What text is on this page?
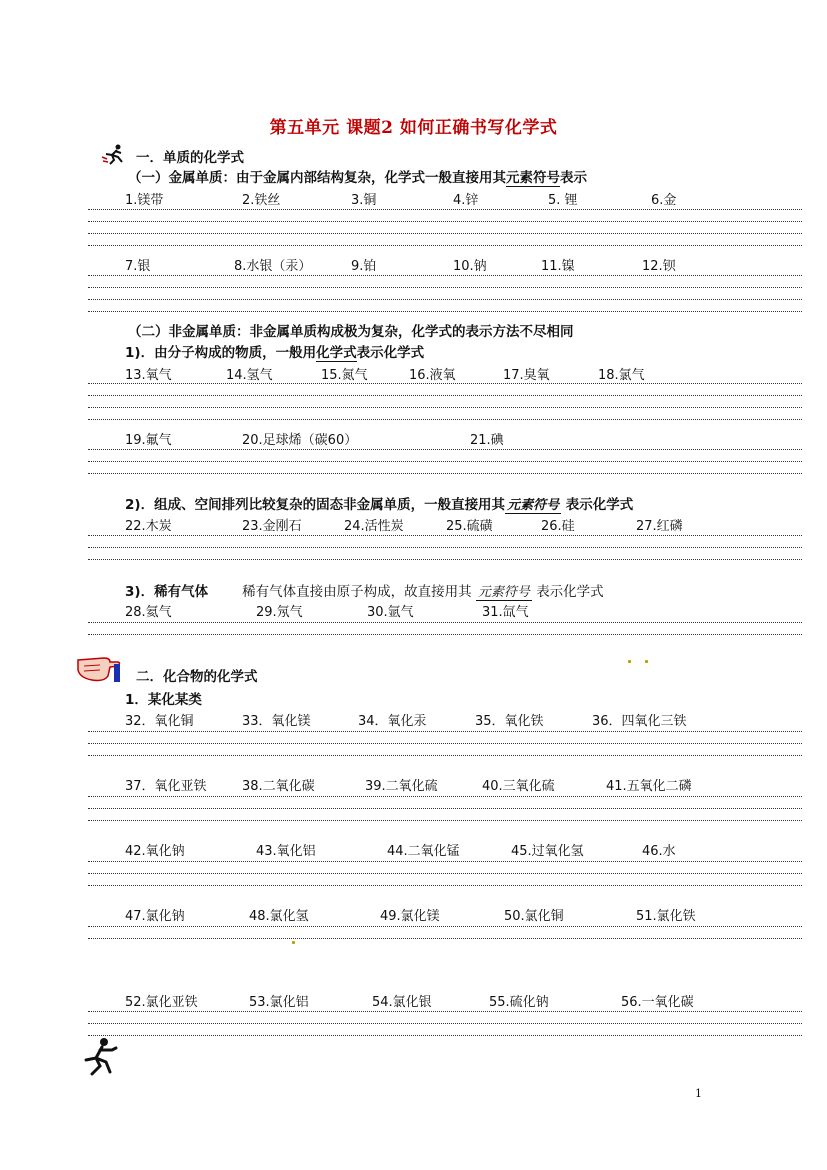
第五单元 课题2 如何正确书写化学式
一．单质的化学式
（一）金属单质：由于金属内部结构复杂，化学式一般直接用其元素符号表示
1.镁带	2.铁丝	3.铜	4.锌	5. 锂	6.金
7.银	8.水银（汞）	9.铂	10.钠	11.镍	12.钡
（二）非金属单质：非金属单质构成极为复杂，化学式的表示方法不尽相同
1)．由分子构成的物质，一般用化学式表示化学式
13.氧气	14.氢气	15.氮气	16.液氧	17.臭氧	18.氯气
19.氟气	20.足球烯（碳60）	21.碘
2)．组成、空间排列比较复杂的固态非金属单质，一般直接用其 元素符号 表示化学式
22.木炭	23.金刚石	24.活性炭	25.硫磺	26.硅	27.红磷
3)．稀有气体	稀有气体直接由原子构成，故直接用其 元素符号 表示化学式
28.氦气	29.氖气	30.氩气	31.氙气
二．化合物的化学式
1．某化某类
32．氧化铜	33．氧化镁	34．氧化汞	35．氧化铁	36．四氧化三铁
37．氧化亚铁	38.二氧化碳	39.二氧化硫	40.三氧化硫	41.五氧化二磷
42.氧化钠	43.氧化铝	44.二氧化锰	45.过氧化氢	46.水
47.氯化钠	48.氯化氢	49.氯化镁	50.氯化铜	51.氯化铁
52.氯化亚铁	53.氯化铝	54.氯化银	55.硫化钠	56.一氧化碳
1
